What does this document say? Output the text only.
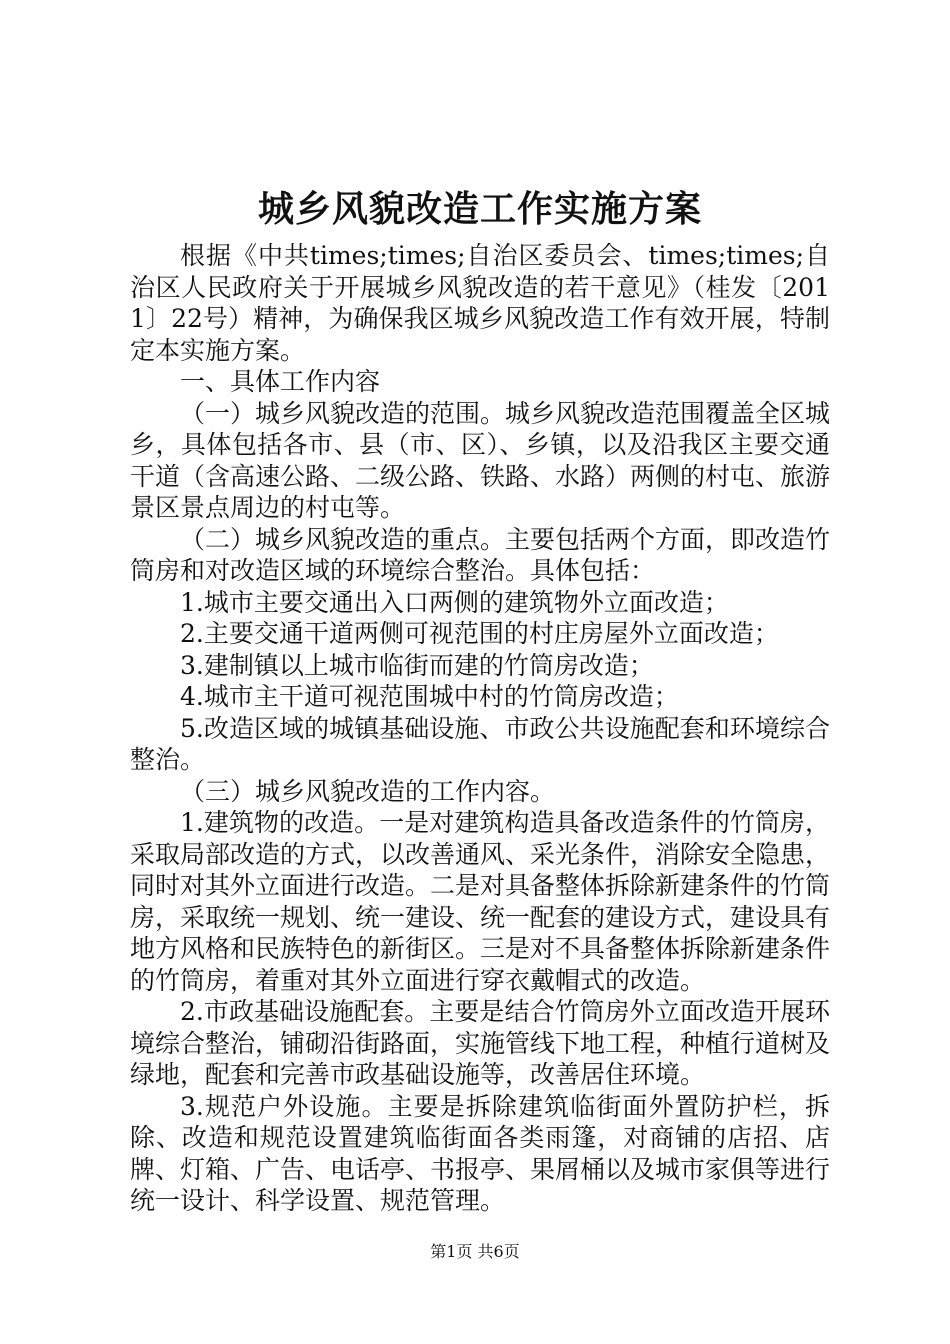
城乡风貌改造工作实施方案

根据《中共times;times;自治区委员会、times;times;自治区人民政府关于开展城乡风貌改造的若干意见》（桂发〔2011〕22号）精神，为确保我区城乡风貌改造工作有效开展，特制定本实施方案。

一、具体工作内容

（一）城乡风貌改造的范围。城乡风貌改造范围覆盖全区城乡，具体包括各市、县（市、区）、乡镇，以及沿我区主要交通干道（含高速公路、二级公路、铁路、水路）两侧的村屯、旅游景区景点周边的村屯等。

（二）城乡风貌改造的重点。主要包括两个方面，即改造竹筒房和对改造区域的环境综合整治。具体包括：

1.城市主要交通出入口两侧的建筑物外立面改造；

2.主要交通干道两侧可视范围的村庄房屋外立面改造；

3.建制镇以上城市临街而建的竹筒房改造；

4.城市主干道可视范围城中村的竹筒房改造；

5.改造区域的城镇基础设施、市政公共设施配套和环境综合整治。

（三）城乡风貌改造的工作内容。

1.建筑物的改造。一是对建筑构造具备改造条件的竹筒房，采取局部改造的方式，以改善通风、采光条件，消除安全隐患，同时对其外立面进行改造。二是对具备整体拆除新建条件的竹筒房，采取统一规划、统一建设、统一配套的建设方式，建设具有地方风格和民族特色的新街区。三是对不具备整体拆除新建条件的竹筒房，着重对其外立面进行穿衣戴帽式的改造。

2.市政基础设施配套。主要是结合竹筒房外立面改造开展环境综合整治，铺砌沿街路面，实施管线下地工程，种植行道树及绿地，配套和完善市政基础设施等，改善居住环境。

3.规范户外设施。主要是拆除建筑临街面外置防护栏，拆除、改造和规范设置建筑临街面各类雨篷，对商铺的店招、店牌、灯箱、广告、电话亭、书报亭、果屑桶以及城市家俱等进行统一设计、科学设置、规范管理。

第1页 共6页
